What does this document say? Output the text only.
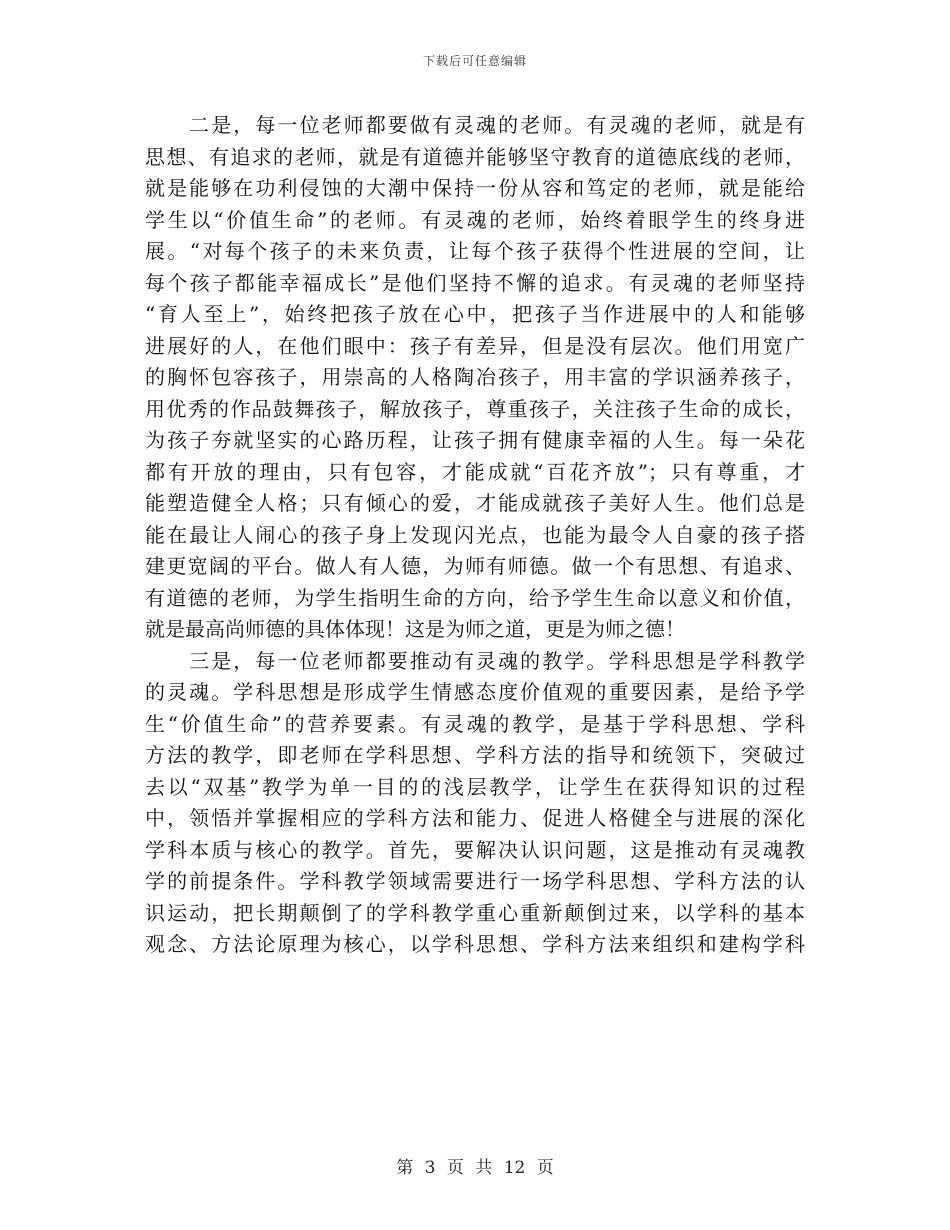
下载后可任意编辑
　　二是，每一位老师都要做有灵魂的老师。有灵魂的老师，就是有
思想、有追求的老师，就是有道德并能够坚守教育的道德底线的老师，
就是能够在功利侵蚀的大潮中保持一份从容和笃定的老师，就是能给
学生以“价值生命”的老师。有灵魂的老师，始终着眼学生的终身进
展。“对每个孩子的未来负责，让每个孩子获得个性进展的空间，让
每个孩子都能幸福成长”是他们坚持不懈的追求。有灵魂的老师坚持
“育人至上”，始终把孩子放在心中，把孩子当作进展中的人和能够
进展好的人，在他们眼中：孩子有差异，但是没有层次。他们用宽广
的胸怀包容孩子，用崇高的人格陶冶孩子，用丰富的学识涵养孩子，
用优秀的作品鼓舞孩子，解放孩子，尊重孩子，关注孩子生命的成长，
为孩子夯就坚实的心路历程，让孩子拥有健康幸福的人生。每一朵花
都有开放的理由，只有包容，才能成就“百花齐放”；只有尊重，才
能塑造健全人格；只有倾心的爱，才能成就孩子美好人生。他们总是
能在最让人闹心的孩子身上发现闪光点，也能为最令人自豪的孩子搭
建更宽阔的平台。做人有人德，为师有师德。做一个有思想、有追求、
有道德的老师，为学生指明生命的方向，给予学生生命以意义和价值，
就是最高尚师德的具体体现！这是为师之道，更是为师之德！
　　三是，每一位老师都要推动有灵魂的教学。学科思想是学科教学
的灵魂。学科思想是形成学生情感态度价值观的重要因素，是给予学
生“价值生命”的营养要素。有灵魂的教学，是基于学科思想、学科
方法的教学，即老师在学科思想、学科方法的指导和统领下，突破过
去以“双基”教学为单一目的的浅层教学，让学生在获得知识的过程
中，领悟并掌握相应的学科方法和能力、促进人格健全与进展的深化
学科本质与核心的教学。首先，要解决认识问题，这是推动有灵魂教
学的前提条件。学科教学领域需要进行一场学科思想、学科方法的认
识运动，把长期颠倒了的学科教学重心重新颠倒过来，以学科的基本
观念、方法论原理为核心，以学科思想、学科方法来组织和建构学科
第 3 页 共 12 页
